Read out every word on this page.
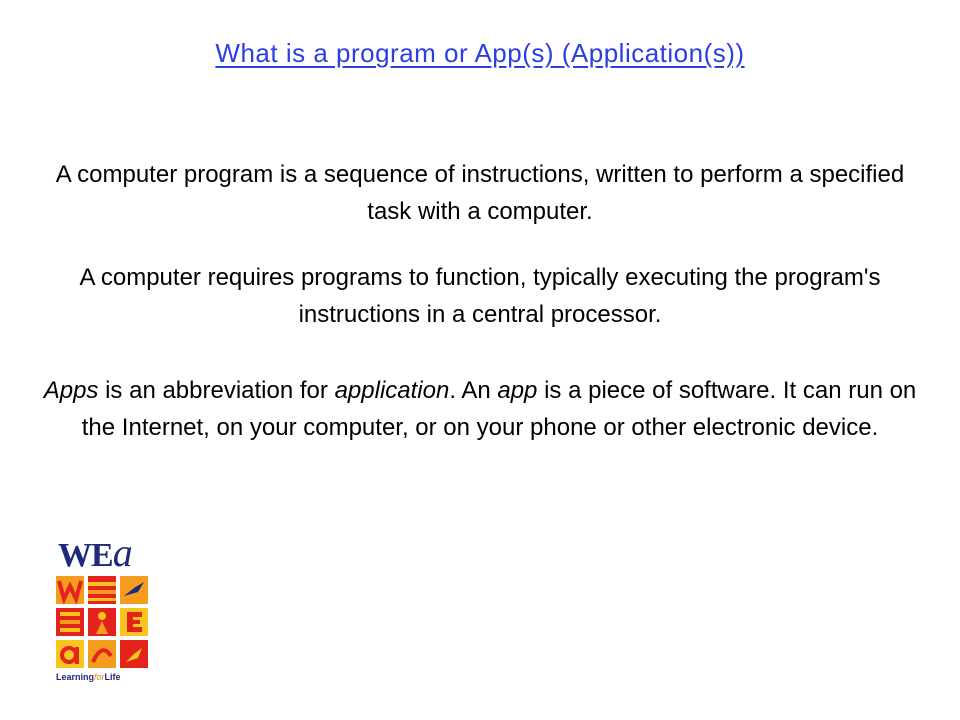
What is a program or App(s) (Application(s))
A computer program is a sequence of instructions, written to perform a specified task with a computer.
A computer requires programs to function, typically executing the program's instructions in a central processor.
Apps is an abbreviation for application. An app is a piece of software. It can run on the Internet, on your computer, or on your phone or other electronic device.
WEa
LearningforLife
